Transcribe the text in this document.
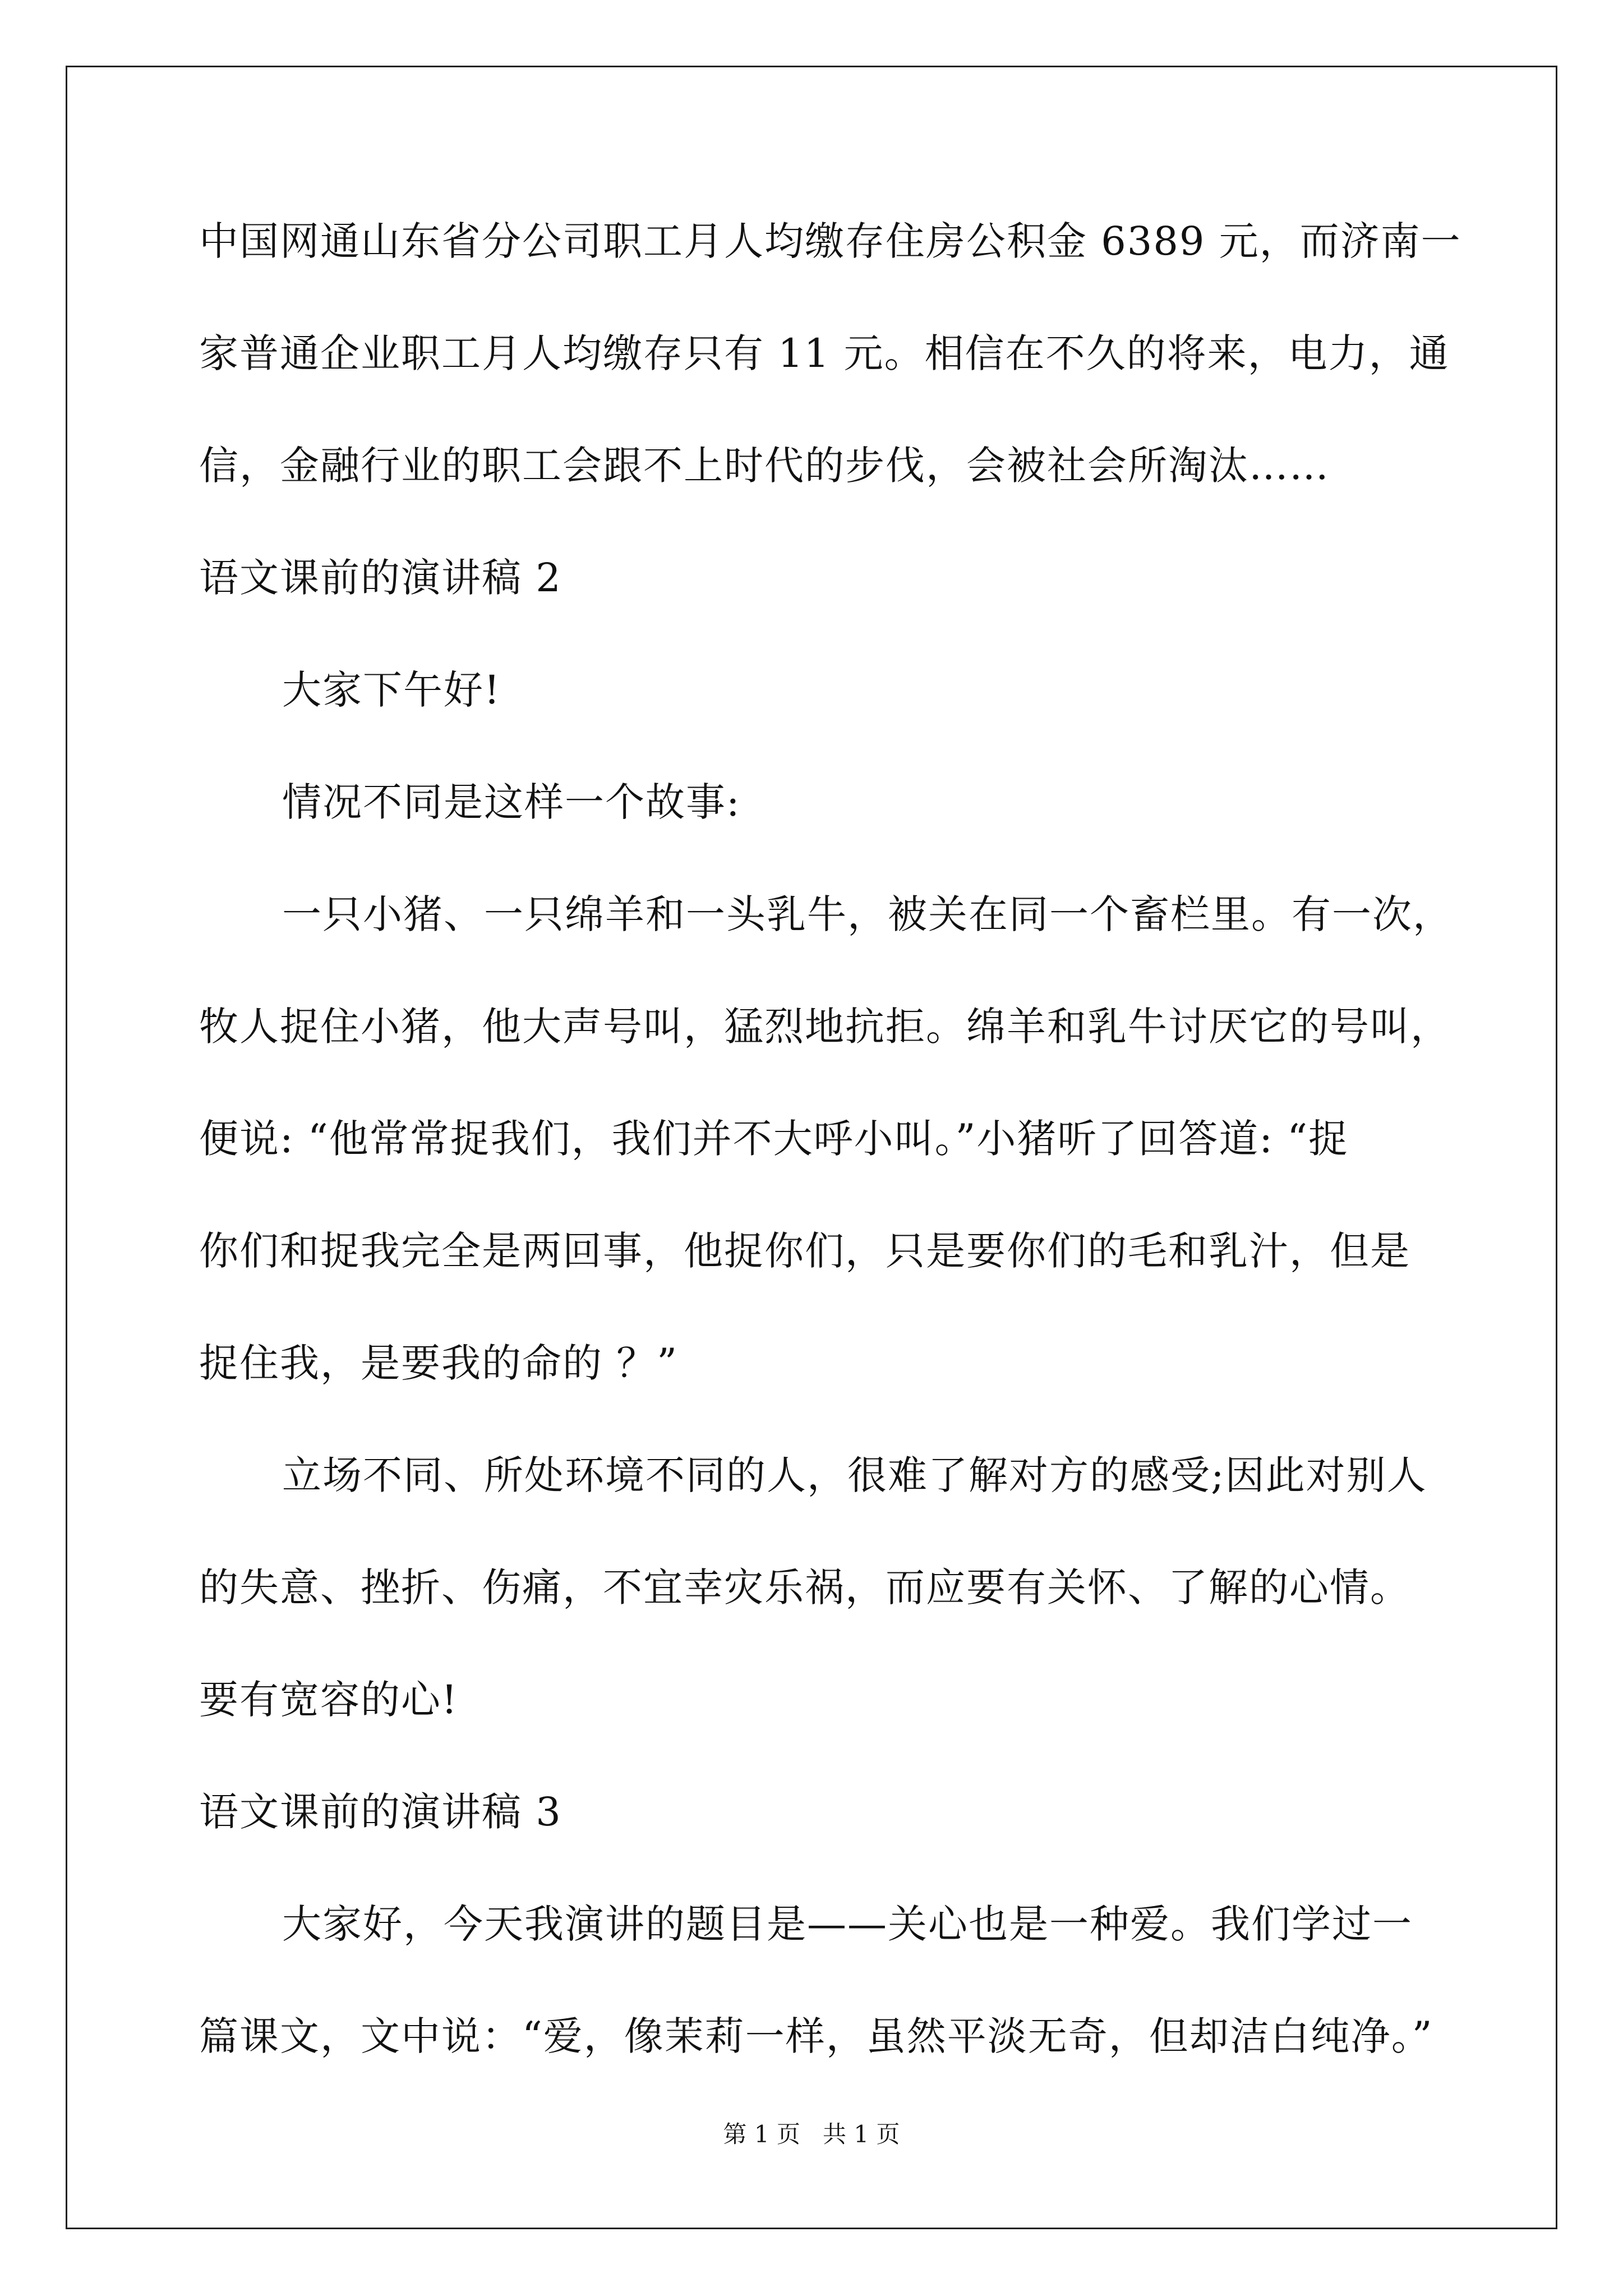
中国网通山东省分公司职工月人均缴存住房公积金 6389 元，而济南一
家普通企业职工月人均缴存只有 11 元。相信在不久的将来，电力，通
信，金融行业的职工会跟不上时代的步伐，会被社会所淘汰……
语文课前的演讲稿 2
大家下午好!
情况不同是这样一个故事:
一只小猪、一只绵羊和一头乳牛，被关在同一个畜栏里。有一次，
牧人捉住小猪，他大声号叫，猛烈地抗拒。绵羊和乳牛讨厌它的号叫，
便说: “他常常捉我们，我们并不大呼小叫。”小猪听了回答道: “捉
你们和捉我完全是两回事，他捉你们，只是要你们的毛和乳汁，但是
捉住我，是要我的命的 ？”
立场不同、所处环境不同的人，很难了解对方的感受;因此对别人
的失意、挫折、伤痛，不宜幸灾乐祸，而应要有关怀、了解的心情。
要有宽容的心!
语文课前的演讲稿 3
大家好，今天我演讲的题目是——关心也是一种爱。我们学过一
篇课文，文中说：“爱，像茉莉一样，虽然平淡无奇，但却洁白纯净。”
第 1 页   共 1 页
